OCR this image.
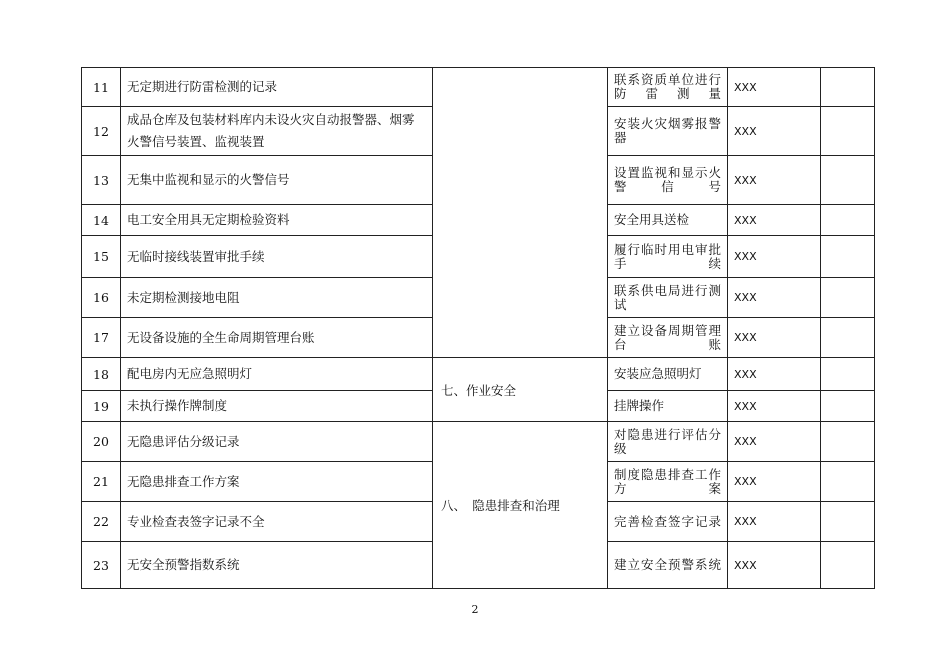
11	无定期进行防雷检测的记录		联系资质单位进行防雷测量	XXX	
12	成品仓库及包装材料库内未设火灾自动报警器、烟雾火警信号装置、监视装置		安装火灾烟雾报警器	XXX	
13	无集中监视和显示的火警信号		设置监视和显示火警信号	XXX	
14	电工安全用具无定期检验资料		安全用具送检	XXX	
15	无临时接线装置审批手续		履行临时用电审批手续	XXX	
16	未定期检测接地电阻		联系供电局进行测试	XXX	
17	无设备设施的全生命周期管理台账		建立设备周期管理台账	XXX	
18	配电房内无应急照明灯	七、作业安全	安装应急照明灯	XXX	
19	未执行操作牌制度		挂牌操作	XXX	
20	无隐患评估分级记录	八、　隐患排查和治理	对隐患进行评估分级	XXX	
21	无隐患排查工作方案		制度隐患排查工作方案	XXX	
22	专业检查表签字记录不全		完善检查签字记录	XXX	
23	无安全预警指数系统		建立安全预警系统	XXX	
2
